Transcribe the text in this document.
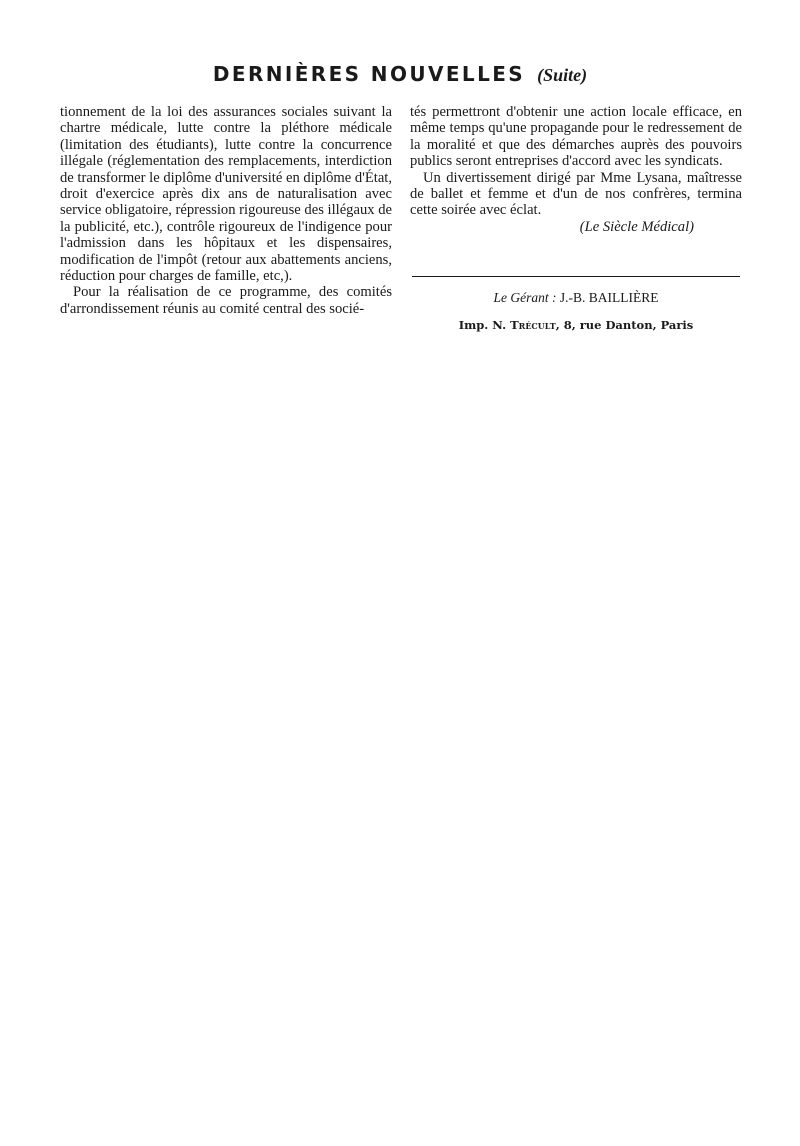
DERNIÈRES NOUVELLES (Suite)

tionnement de la loi des assurances sociales suivant la chartre médicale, lutte contre la pléthore médicale (limitation des étudiants), lutte contre la concurrence illégale (réglementation des remplacements, interdiction de transformer le diplôme d'université en diplôme d'État, droit d'exercice après dix ans de naturalisation avec service obligatoire, répression rigoureuse des illégaux de la publicité, etc.), contrôle rigoureux de l'indigence pour l'admission dans les hôpitaux et les dispensaires, modification de l'impôt (retour aux abattements anciens, réduction pour charges de famille, etc,).

Pour la réalisation de ce programme, des comités d'arrondissement réunis au comité central des socié-

tés permettront d'obtenir une action locale efficace, en même temps qu'une propagande pour le redressement de la moralité et que des démarches auprès des pouvoirs publics seront entreprises d'accord avec les syndicats.

Un divertissement dirigé par Mme Lysana, maîtresse de ballet et femme et d'un de nos confrères, termina cette soirée avec éclat.

(Le Siècle Médical)

Le Gérant : J.-B. BAILLIÈRE
Imp. N. Trécult, 8, rue Danton, Paris
